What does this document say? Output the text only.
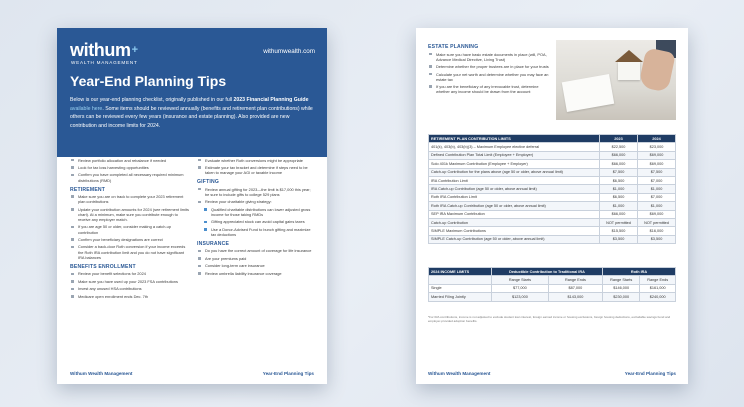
withum+
WEALTH MANAGEMENT
withumwealth.com
Year-End Planning Tips
Below is our year-end planning checklist, originally published in our full 2023 Financial Planning Guide available here. Some items should be reviewed annually (benefits and retirement plan contributions) while others can be reviewed every few years (insurance and estate planning). Also provided are new contribution and income limits for 2024.
INVESTMENTS
Review portfolio allocation and rebalance if needed
Look for tax loss harvesting opportunities
Confirm you have completed all necessary required minimum distributions (RMD)
RETIREMENT
Make sure you are on track to complete your 2023 retirement plan contributions
Update your contribution amounts for 2024 (see retirement limits chart). At a minimum, make sure you contribute enough to receive any employer match.
If you are age 50 or older, consider making a catch-up contribution
Confirm your beneficiary designations are correct
Consider a back-door Roth conversion if your income exceeds the Roth IRA contribution limit and you do not have significant IRA balances
BENEFITS ENROLLMENT
Review your benefit selections for 2024
Make sure you have used up your 2023 FSA contributions
Invest any unused HSA contributions
Medicare open enrollment ends Dec. 7th
TAXES
Evaluate whether Roth conversions might be appropriate
Estimate your tax bracket and determine if steps need to be taken to manage your AGI or taxable income
GIFTING
Review annual gifting for 2023—the limit is $17,000 this year; be sure to include gifts to college 529 plans
Review your charitable giving strategy:
Qualified charitable distributions can lower adjusted gross income for those taking RMDs
Gifting appreciated stock can avoid capital gains taxes
Use a Donor-Advised Fund to bunch gifting and maximize tax deductions
INSURANCE
Do you have the correct amount of coverage for life insurance
Are your premiums paid
Consider long-term care insurance
Review umbrella liability insurance coverage
Withum Wealth Management	Year-End Planning Tips
ESTATE PLANNING
Make sure you have basic estate documents in place (will, POA, Advance Medical Directive, Living Trust)
Determine whether the proper trustees are in place for your trusts
Calculate your net worth and determine whether you may face an estate tax
If you are the beneficiary of any irrevocable trust, determine whether any income should be drawn from the account
RETIREMENT PLAN CONTRIBUTION LIMITS	2023	2024
401(k), 403(b), 403(b)(3) – Maximum Employee elective deferral	$22,500	$23,000
Defined Contribution Plan Total Limit (Employee + Employer)	$66,000	$69,000
Solo 401k Maximum Contribution (Employee + Employer)	$66,000	$69,000
Catch-up Contribution for the plans above (age 50 or older, above annual limit)	$7,500	$7,500
IRA Contribution Limit	$6,500	$7,000
IRA Catch-up Contribution (age 50 or older, above annual limit)	$1,000	$1,000
Roth IRA Contribution Limit	$6,500	$7,000
Roth IRA Catch-up Contribution (age 50 or older, above annual limit)	$1,000	$1,000
SEP IRA Maximum Contribution	$66,000	$69,000
Catch-up Contribution	NOT permitted	NOT permitted
SIMPLE Maximum Contributions	$15,500	$16,000
SIMPLE Catch-up Contribution (age 50 or older, above annual limit)	$3,500	$3,500
2024 INCOME LIMITS	Deductible Contribution to Traditional IRA		Roth IRA	
	Range Starts	Range Ends	Range Starts	Range Ends
Single	$77,000	$87,000	$146,000	$161,000
Married Filing Jointly	$123,000	$143,000	$230,000	$240,000
*For IRA contributions, income is not adjusted to exclude student loan interest, foreign earned income or housing exclusions, foreign housing deductions, excludable savings bond and employer-provided adoption benefits.
Withum Wealth Management	Year-End Planning Tips
